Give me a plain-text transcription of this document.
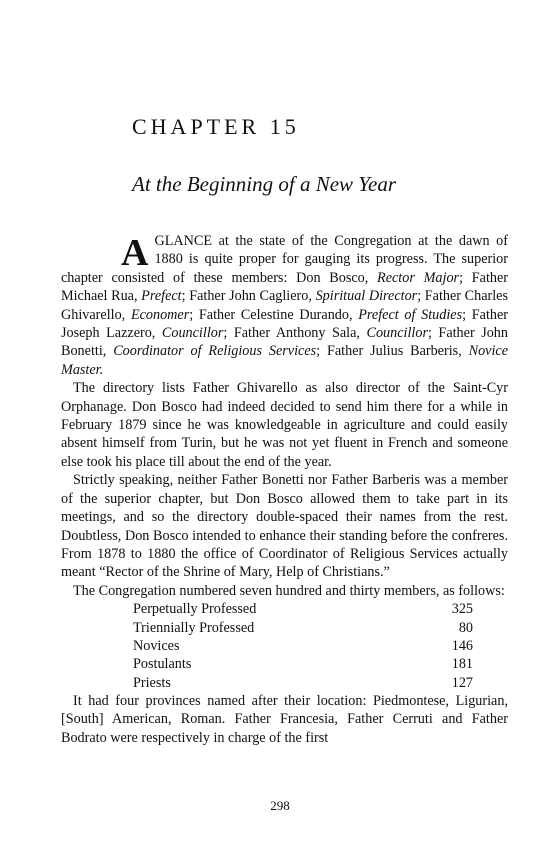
CHAPTER 15
At the Beginning of a New Year

A GLANCE at the state of the Congregation at the dawn of 1880 is quite proper for gauging its progress. The superior chapter consisted of these members: Don Bosco, Rector Major; Father Michael Rua, Prefect; Father John Cagliero, Spiritual Director; Father Charles Ghivarello, Economer; Father Celestine Durando, Prefect of Studies; Father Joseph Lazzero, Councillor; Father Anthony Sala, Councillor; Father John Bonetti, Coordinator of Religious Services; Father Julius Barberis, Novice Master.

The directory lists Father Ghivarello as also director of the Saint-Cyr Orphanage. Don Bosco had indeed decided to send him there for a while in February 1879 since he was knowledgeable in agriculture and could easily absent himself from Turin, but he was not yet fluent in French and someone else took his place till about the end of the year.

Strictly speaking, neither Father Bonetti nor Father Barberis was a member of the superior chapter, but Don Bosco allowed them to take part in its meetings, and so the directory double-spaced their names from the rest. Doubtless, Don Bosco intended to enhance their standing before the confreres. From 1878 to 1880 the office of Coordinator of Religious Services actually meant “Rector of the Shrine of Mary, Help of Christians.”

The Congregation numbered seven hundred and thirty members, as follows:

Perpetually Professed	325
Triennially Professed	80
Novices	146
Postulants	181
Priests	127

It had four provinces named after their location: Piedmontese, Ligurian, [South] American, Roman. Father Francesia, Father Cerruti and Father Bodrato were respectively in charge of the first

298
